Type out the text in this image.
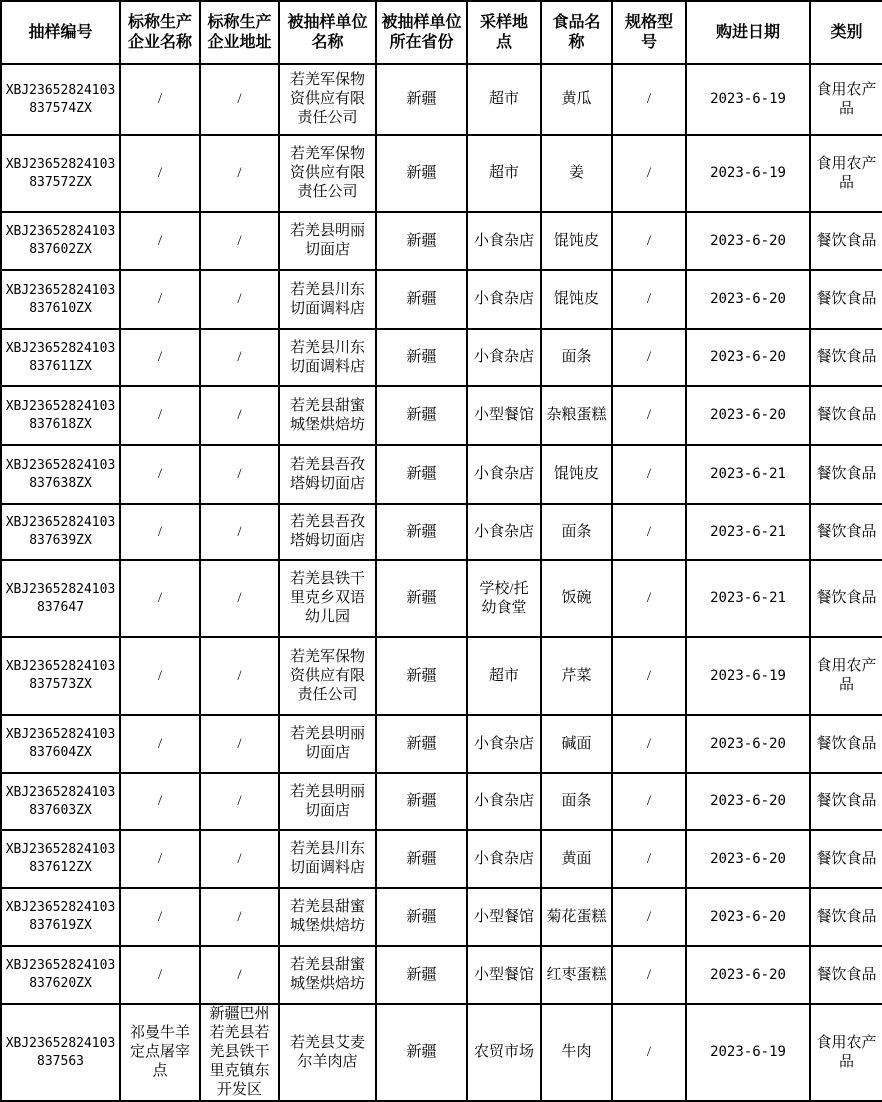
抽样编号	标称生产企业名称	标称生产企业地址	被抽样单位名称	被抽样单位所在省份	采样地点	食品名称	规格型号	购进日期	类别
XBJ23652824103837574ZX	/	/	若羌军保物资供应有限责任公司	新疆	超市	黄瓜	/	2023-6-19	食用农产品
XBJ23652824103837572ZX	/	/	若羌军保物资供应有限责任公司	新疆	超市	姜	/	2023-6-19	食用农产品
XBJ23652824103837602ZX	/	/	若羌县明丽切面店	新疆	小食杂店	馄饨皮	/	2023-6-20	餐饮食品
XBJ23652824103837610ZX	/	/	若羌县川东切面调料店	新疆	小食杂店	馄饨皮	/	2023-6-20	餐饮食品
XBJ23652824103837611ZX	/	/	若羌县川东切面调料店	新疆	小食杂店	面条	/	2023-6-20	餐饮食品
XBJ23652824103837618ZX	/	/	若羌县甜蜜城堡烘焙坊	新疆	小型餐馆	杂粮蛋糕	/	2023-6-20	餐饮食品
XBJ23652824103837638ZX	/	/	若羌县吾孜塔姆切面店	新疆	小食杂店	馄饨皮	/	2023-6-21	餐饮食品
XBJ23652824103837639ZX	/	/	若羌县吾孜塔姆切面店	新疆	小食杂店	面条	/	2023-6-21	餐饮食品
XBJ23652824103837647	/	/	若羌县铁干里克乡双语幼儿园	新疆	学校/托幼食堂	饭碗	/	2023-6-21	餐饮食品
XBJ23652824103837573ZX	/	/	若羌军保物资供应有限责任公司	新疆	超市	芹菜	/	2023-6-19	食用农产品
XBJ23652824103837604ZX	/	/	若羌县明丽切面店	新疆	小食杂店	碱面	/	2023-6-20	餐饮食品
XBJ23652824103837603ZX	/	/	若羌县明丽切面店	新疆	小食杂店	面条	/	2023-6-20	餐饮食品
XBJ23652824103837612ZX	/	/	若羌县川东切面调料店	新疆	小食杂店	黄面	/	2023-6-20	餐饮食品
XBJ23652824103837619ZX	/	/	若羌县甜蜜城堡烘焙坊	新疆	小型餐馆	菊花蛋糕	/	2023-6-20	餐饮食品
XBJ23652824103837620ZX	/	/	若羌县甜蜜城堡烘焙坊	新疆	小型餐馆	红枣蛋糕	/	2023-6-20	餐饮食品
XBJ23652824103837563	祁曼牛羊定点屠宰点	新疆巴州若羌县若羌县铁干里克镇东开发区	若羌县艾麦尔羊肉店	新疆	农贸市场	牛肉	/	2023-6-19	食用农产品
